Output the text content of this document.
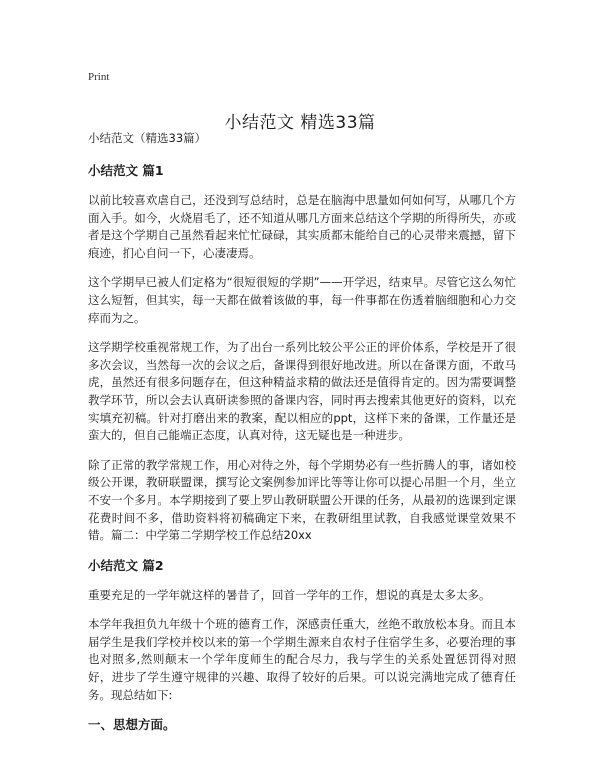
Print
小结范文 精选33篇

小结范文（精选33篇）

小结范文 篇1

以前比较喜欢虐自己，还没到写总结时，总是在脑海中思量如何如何写，从哪几个方面入手。如今，火烧眉毛了，还不知道从哪几方面来总结这个学期的所得所失，亦或者是这个学期自己虽然看起来忙忙碌碌，其实质都未能给自己的心灵带来震撼，留下痕迹，扪心自问一下，心凄凄焉。

这个学期早已被人们定格为“很短很短的学期”——开学迟，结束早。尽管它这么匆忙这么短暂，但其实，每一天都在做着该做的事，每一件事都在伤透着脑细胞和心力交瘁而为之。

这学期学校重视常规工作，为了出台一系列比较公平公正的评价体系，学校是开了很多次会议，当然每一次的会议之后，备课得到很好地改进。所以在备课方面，不敢马虎，虽然还有很多问题存在，但这种精益求精的做法还是值得肯定的。因为需要调整教学环节，所以会去认真研读参照的备课内容，同时再去搜索其他更好的资料，以充实填充初稿。针对打磨出来的教案，配以相应的ppt，这样下来的备课，工作量还是蛮大的，但自己能端正态度，认真对待，这无疑也是一种进步。

除了正常的教学常规工作，用心对待之外，每个学期势必有一些折腾人的事，诸如校级公开课，教研联盟课，撰写论文案例参加评比等等让你可以提心吊胆一个月，坐立不安一个多月。本学期接到了要上罗山教研联盟公开课的任务，从最初的选课到定课花费时间不多，借助资料将初稿确定下来，在教研组里试教，自我感觉课堂效果不错。篇二：中学第二学期学校工作总结20xx

小结范文 篇2

重要充足的一学年就这样的暑昔了，回首一学年的工作，想说的真是太多太多。

本学年我担负九年级十个班的德育工作，深感责任重大，丝绝不敢放松本身。而且本届学生是我们学校并校以来的第一个学期生源来自农村子住宿学生多，必要治理的事也对照多,然则颠末一个学年度师生的配合尽力，我与学生的关系处置惩罚得对照好，进步了学生遵守规律的兴趣、取得了较好的后果。可以说完满地完成了德育任务。现总结如下:

一、思想方面。
